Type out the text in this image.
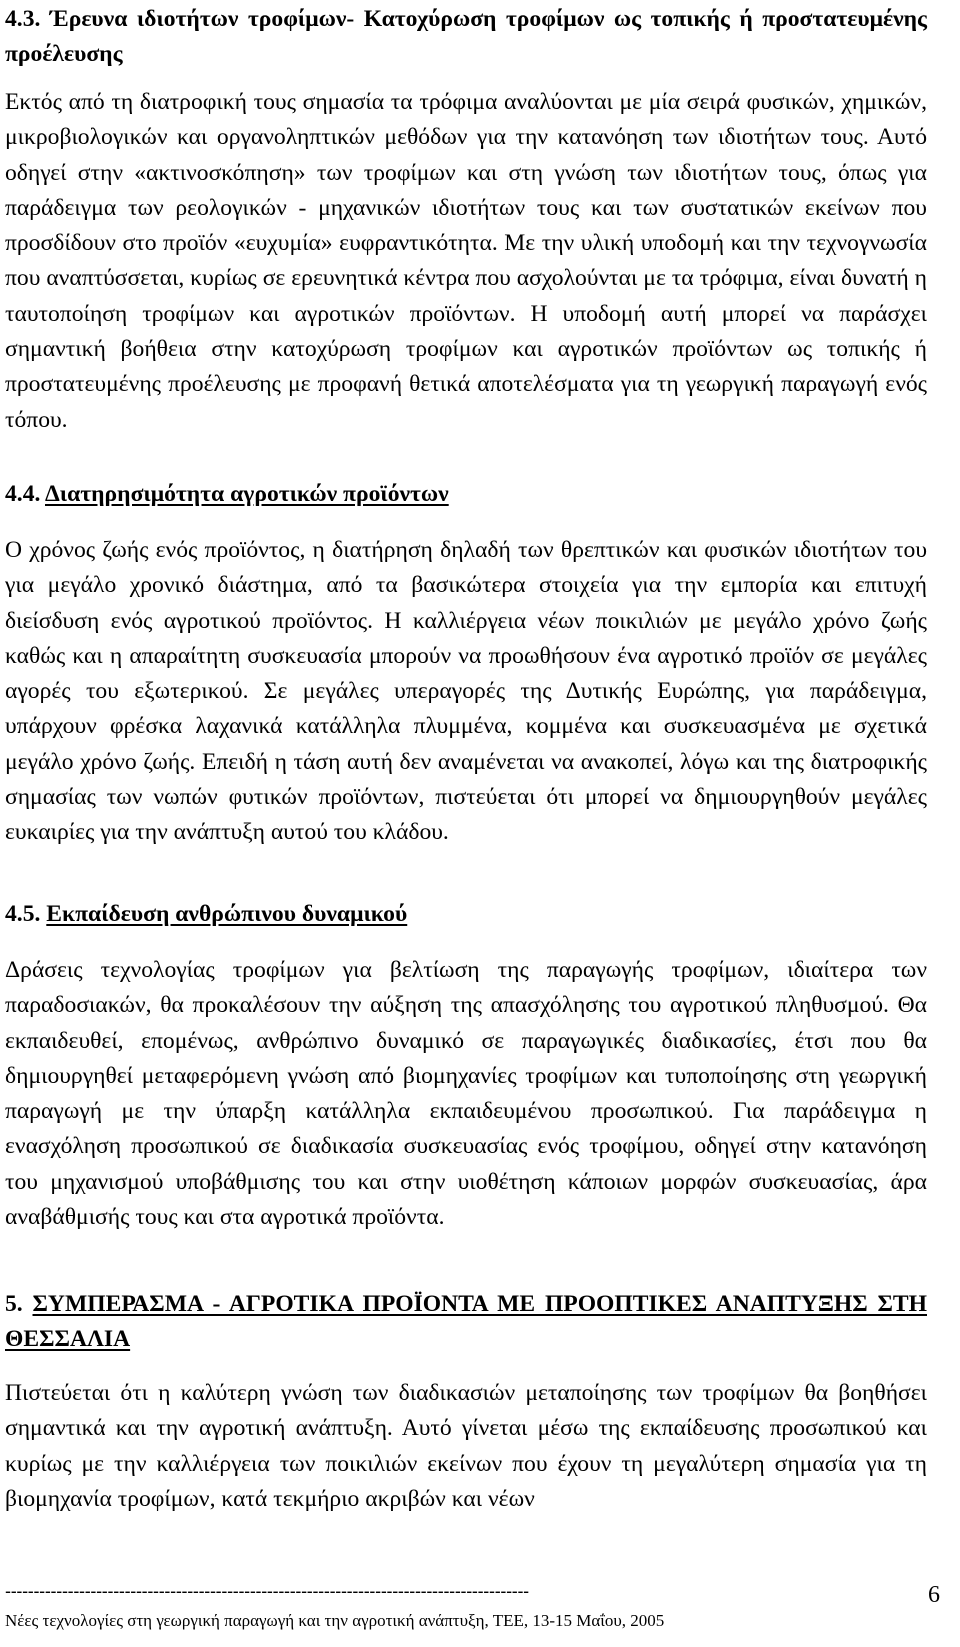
4.3. Έρευνα ιδιοτήτων τροφίμων- Κατοχύρωση τροφίμων ως τοπικής ή προστατευμένης προέλευσης

Εκτός από τη διατροφική τους σημασία τα τρόφιμα αναλύονται με μία σειρά φυσικών, χημικών, μικροβιολογικών και οργανοληπτικών μεθόδων για την κατανόηση των ιδιοτήτων τους. Αυτό οδηγεί στην «ακτινοσκόπηση» των τροφίμων και στη γνώση των ιδιοτήτων τους, όπως για παράδειγμα των ρεολογικών - μηχανικών ιδιοτήτων τους και των συστατικών εκείνων που προσδίδουν στο προϊόν «ευχυμία» ευφραντικότητα. Με την υλική υποδομή και την τεχνογνωσία που αναπτύσσεται, κυρίως σε ερευνητικά κέντρα που ασχολούνται με τα τρόφιμα, είναι δυνατή η ταυτοποίηση τροφίμων και αγροτικών προϊόντων. Η υποδομή αυτή μπορεί να παράσχει σημαντική βοήθεια στην κατοχύρωση τροφίμων και αγροτικών προϊόντων ως τοπικής ή προστατευμένης προέλευσης με προφανή θετικά αποτελέσματα για τη γεωργική παραγωγή ενός τόπου.

4.4. Διατηρησιμότητα αγροτικών προϊόντων

Ο χρόνος ζωής ενός προϊόντος, η διατήρηση δηλαδή των θρεπτικών και φυσικών ιδιοτήτων του για μεγάλο χρονικό διάστημα, από τα βασικώτερα στοιχεία για την εμπορία και επιτυχή διείσδυση ενός αγροτικού προϊόντος. Η καλλιέργεια νέων ποικιλιών με μεγάλο χρόνο ζωής καθώς και η απαραίτητη συσκευασία μπορούν να προωθήσουν ένα αγροτικό προϊόν σε μεγάλες αγορές του εξωτερικού. Σε μεγάλες υπεραγορές της Δυτικής Ευρώπης, για παράδειγμα, υπάρχουν φρέσκα λαχανικά κατάλληλα πλυμμένα, κομμένα και συσκευασμένα με σχετικά μεγάλο χρόνο ζωής. Επειδή η τάση αυτή δεν αναμένεται να ανακοπεί, λόγω και της διατροφικής σημασίας των νωπών φυτικών προϊόντων, πιστεύεται ότι μπορεί να δημιουργηθούν μεγάλες ευκαιρίες για την ανάπτυξη αυτού του κλάδου.

4.5. Εκπαίδευση ανθρώπινου δυναμικού

Δράσεις τεχνολογίας τροφίμων για βελτίωση της παραγωγής τροφίμων, ιδιαίτερα των παραδοσιακών, θα προκαλέσουν την αύξηση της απασχόλησης του αγροτικού πληθυσμού. Θα εκπαιδευθεί, επομένως, ανθρώπινο δυναμικό σε παραγωγικές διαδικασίες, έτσι που θα δημιουργηθεί μεταφερόμενη γνώση από βιομηχανίες τροφίμων και τυποποίησης στη γεωργική παραγωγή με την ύπαρξη κατάλληλα εκπαιδευμένου προσωπικού. Για παράδειγμα η ενασχόληση προσωπικού σε διαδικασία συσκευασίας ενός τροφίμου, οδηγεί στην κατανόηση του μηχανισμού υποβάθμισης του και στην υιοθέτηση κάποιων μορφών συσκευασίας, άρα αναβάθμισής τους και στα αγροτικά προϊόντα.

5. ΣΥΜΠΕΡΑΣΜΑ - ΑΓΡΟΤΙΚΑ ΠΡΟΪΟΝΤΑ ΜΕ ΠΡΟΟΠΤΙΚΕΣ ΑΝΑΠΤΥΞΗΣ ΣΤΗ ΘΕΣΣΑΛΙΑ

Πιστεύεται ότι η καλύτερη γνώση των διαδικασιών μεταποίησης των τροφίμων θα βοηθήσει σημαντικά και την αγροτική ανάπτυξη. Αυτό γίνεται μέσω της εκπαίδευσης προσωπικού και κυρίως με την καλλιέργεια των ποικιλιών εκείνων που έχουν τη μεγαλύτερη σημασία για τη βιομηχανία τροφίμων, κατά τεκμήριο ακριβών και νέων

--------------------------------------------------------------------------------------------	6
Νέες τεχνολογίες στη γεωργική παραγωγή και την αγροτική ανάπτυξη, ΤΕΕ, 13-15 Μαΐου, 2005
